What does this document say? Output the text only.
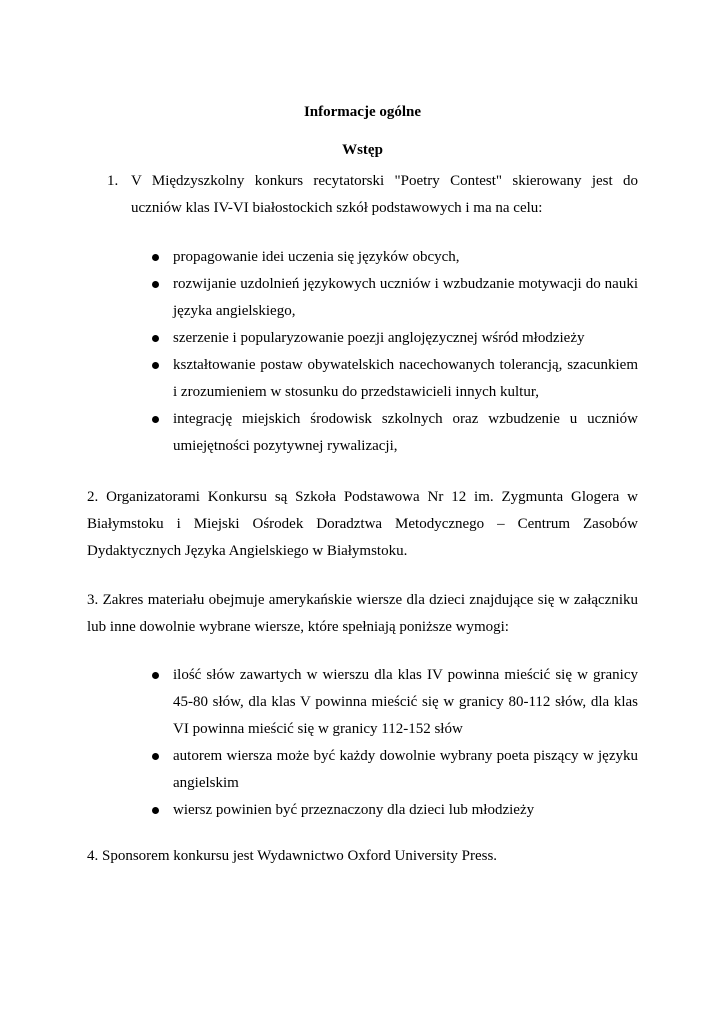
Informacje ogólne
Wstęp
1. V Międzyszkolny konkurs recytatorski "Poetry Contest" skierowany jest do uczniów klas IV-VI białostockich szkół podstawowych i ma na celu:
propagowanie idei uczenia się języków obcych,
rozwijanie uzdolnień językowych uczniów i wzbudzanie motywacji do nauki języka angielskiego,
szerzenie i popularyzowanie poezji anglojęzycznej wśród młodzieży
kształtowanie postaw obywatelskich nacechowanych tolerancją, szacunkiem i zrozumieniem w stosunku do przedstawicieli innych kultur,
integrację miejskich środowisk szkolnych oraz wzbudzenie u uczniów umiejętności pozytywnej rywalizacji,
2. Organizatorami Konkursu są Szkoła Podstawowa Nr 12 im. Zygmunta Glogera w Białymstoku i Miejski Ośrodek Doradztwa Metodycznego – Centrum Zasobów Dydaktycznych Języka Angielskiego w Białymstoku.
3. Zakres materiału obejmuje amerykańskie wiersze dla dzieci znajdujące się w załączniku lub inne dowolnie wybrane wiersze, które spełniają poniższe wymogi:
ilość słów zawartych w wierszu dla klas IV powinna mieścić się w granicy 45-80 słów, dla klas V powinna mieścić się w granicy 80-112 słów, dla klas VI powinna mieścić się w granicy 112-152 słów
autorem wiersza może być każdy dowolnie wybrany poeta piszący w języku angielskim
wiersz powinien być przeznaczony dla dzieci lub młodzieży
4. Sponsorem konkursu jest Wydawnictwo Oxford University Press.
